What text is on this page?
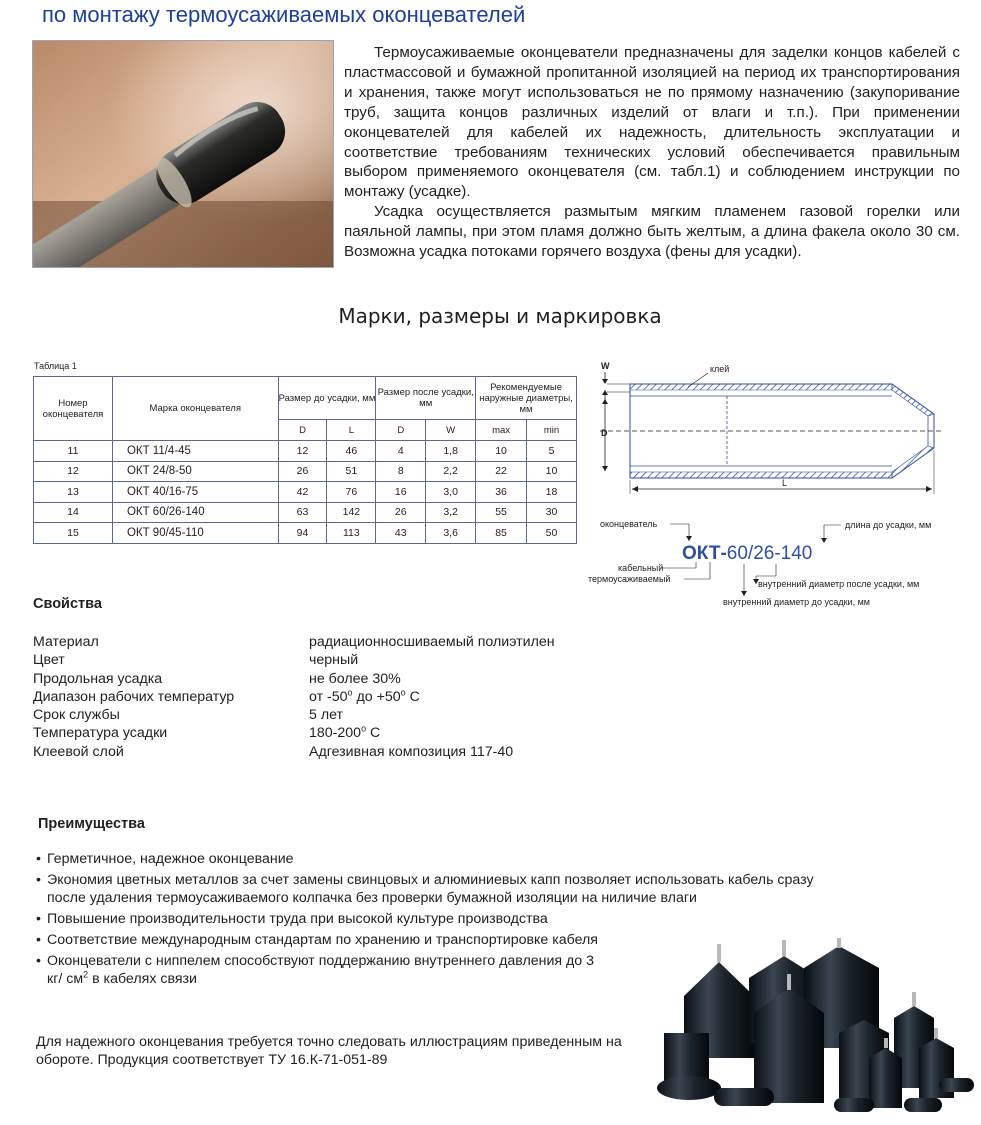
по монтажу термоусаживаемых оконцевателей

Термоусаживаемые оконцеватели предназначены для заделки концов кабелей с пластмассовой и бумажной пропитанной изоляцией на период их транспортирования и хранения, также могут использоваться не по прямому назначению (закупоривание труб, защита концов различных изделий от влаги и т.п.). При применении оконцевателей для кабелей их надежность, длительность эксплуатации и соответствие требованиям технических условий обеспечивается правильным выбором применяемого оконцевателя (см. табл.1) и соблюдением инструкции по монтажу (усадке).

Усадка осуществляется размытым мягким пламенем газовой горелки или паяльной лампы, при этом пламя должно быть желтым, а длина факела около 30 см. Возможна усадка потоками горячего воздуха (фены для усадки).

Марки, размеры и маркировка
Таблица 1
Номер оконцевателя	Марка оконцевателя	Размер до усадки, мм		Размер после усадки, мм		Рекомендуемые наружные диаметры, мм	
		D	L	D	W	max	min
11	ОКТ 11/4-45	12	46	4	1,8	10	5
12	ОКТ 24/8-50	26	51	8	2,2	22	10
13	ОКТ 40/16-75	42	76	16	3,0	36	18
14	ОКТ 60/26-140	63	142	26	3,2	55	30
15	ОКТ 90/45-110	94	113	43	3,6	85	50
W
D
клей
L
оконцеватель
ОКТ-60/26-140
длина до усадки, мм
кабельный
термоусаживаемый
внутренний диаметр до усадки, мм
внутренний диаметр после усадки, мм
Свойства
Материал	радиационносшиваемый полиэтилен
Цвет	черный
Продольная усадка	не более 30%
Диапазон рабочих температур	от $-50^о$ до $+50^о$ С
Срок службы	5 лет
Температура усадки	$180-200^о$ С
Клеевой слой	Адгезивная композиция 117-40
Преимущества
• Герметичное, надежное оконцевание
• Экономия цветных металлов за счет замены свинцовых и алюминиевых капп позволяет использовать кабель сразу после удаления термоусаживаемого колпачка без проверки бумажной изоляции на ниличие влаги
• Повышение производительности труда при высокой культуре производства
• Соответствие международным стандартам по хранению и транспортировке кабеля
• Оконцеватели с ниппелем способствуют поддержанию внутреннего давления до 3 кг/ $см^2$ в кабелях связи
Для надежного оконцевания требуется точно следовать иллюстрациям приведенным на обороте. Продукция соответствует ТУ 16.К-71-051-89
